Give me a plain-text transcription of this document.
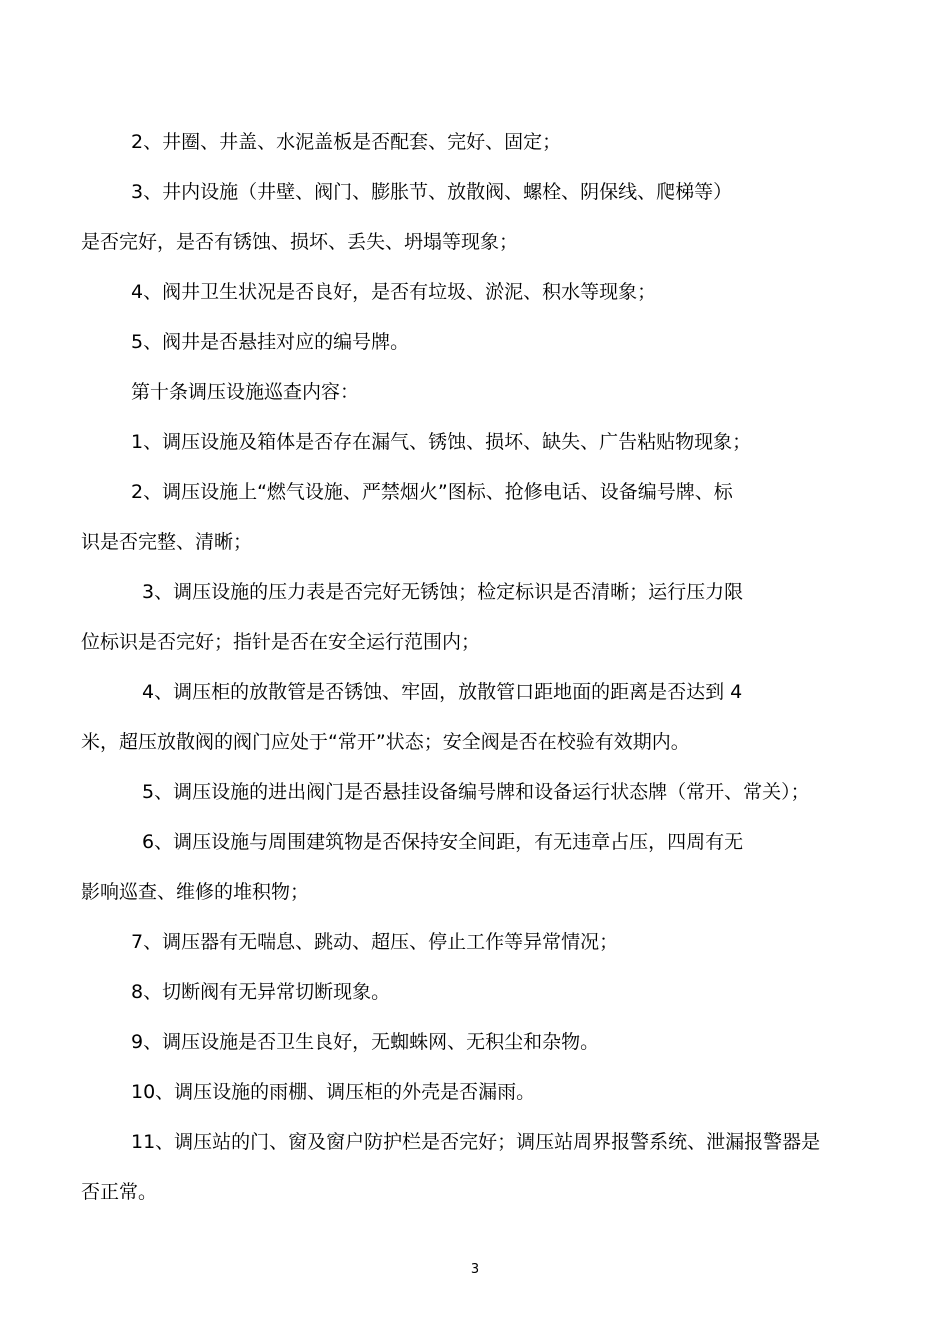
2、井圈、井盖、水泥盖板是否配套、完好、固定；

3、井内设施（井壁、阀门、膨胀节、放散阀、螺栓、阴保线、爬梯等）

是否完好，是否有锈蚀、损坏、丢失、坍塌等现象；

4、阀井卫生状况是否良好，是否有垃圾、淤泥、积水等现象；

5、阀井是否悬挂对应的编号牌。

第十条调压设施巡查内容：

1、调压设施及箱体是否存在漏气、锈蚀、损坏、缺失、广告粘贴物现象；

2、调压设施上“燃气设施、严禁烟火”图标、抢修电话、设备编号牌、标

识是否完整、清晰；

3、调压设施的压力表是否完好无锈蚀；检定标识是否清晰；运行压力限

位标识是否完好；指针是否在安全运行范围内；

4、调压柜的放散管是否锈蚀、牢固，放散管口距地面的距离是否达到 4

米，超压放散阀的阀门应处于“常开”状态；安全阀是否在校验有效期内。

5、调压设施的进出阀门是否悬挂设备编号牌和设备运行状态牌（常开、常关）；

6、调压设施与周围建筑物是否保持安全间距，有无违章占压，四周有无

影响巡查、维修的堆积物；

7、调压器有无喘息、跳动、超压、停止工作等异常情况；

8、切断阀有无异常切断现象。

9、调压设施是否卫生良好，无蜘蛛网、无积尘和杂物。

10、调压设施的雨棚、调压柜的外壳是否漏雨。

11、调压站的门、窗及窗户防护栏是否完好；调压站周界报警系统、泄漏报警器是

否正常。

3
